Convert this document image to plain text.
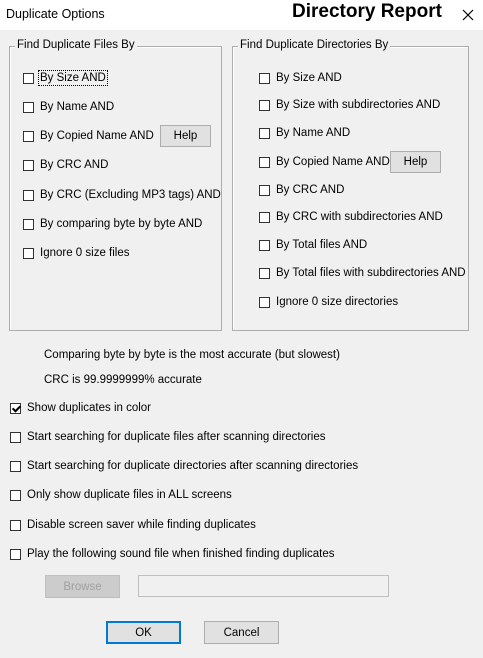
Duplicate Options	Directory Report
Find Duplicate Files By
By Size AND
By Name AND
By Copied Name AND	Help
By CRC AND
By CRC (Excluding MP3 tags) AND
By comparing byte by byte AND
Ignore 0 size files
Find Duplicate Directories By
By Size AND
By Size with subdirectories AND
By Name AND
By Copied Name AND	Help
By CRC AND
By CRC with subdirectories AND
By Total files AND
By Total files with subdirectories AND
Ignore 0 size directories
Comparing byte by byte is the most accurate (but slowest)
CRC is 99.9999999% accurate
Show duplicates in color
Start searching for duplicate files after scanning directories
Start searching for duplicate directories after scanning directories
Only show duplicate files in ALL screens
Disable screen saver while finding duplicates
Play the following sound file when finished finding duplicates
Browse
OK	Cancel
